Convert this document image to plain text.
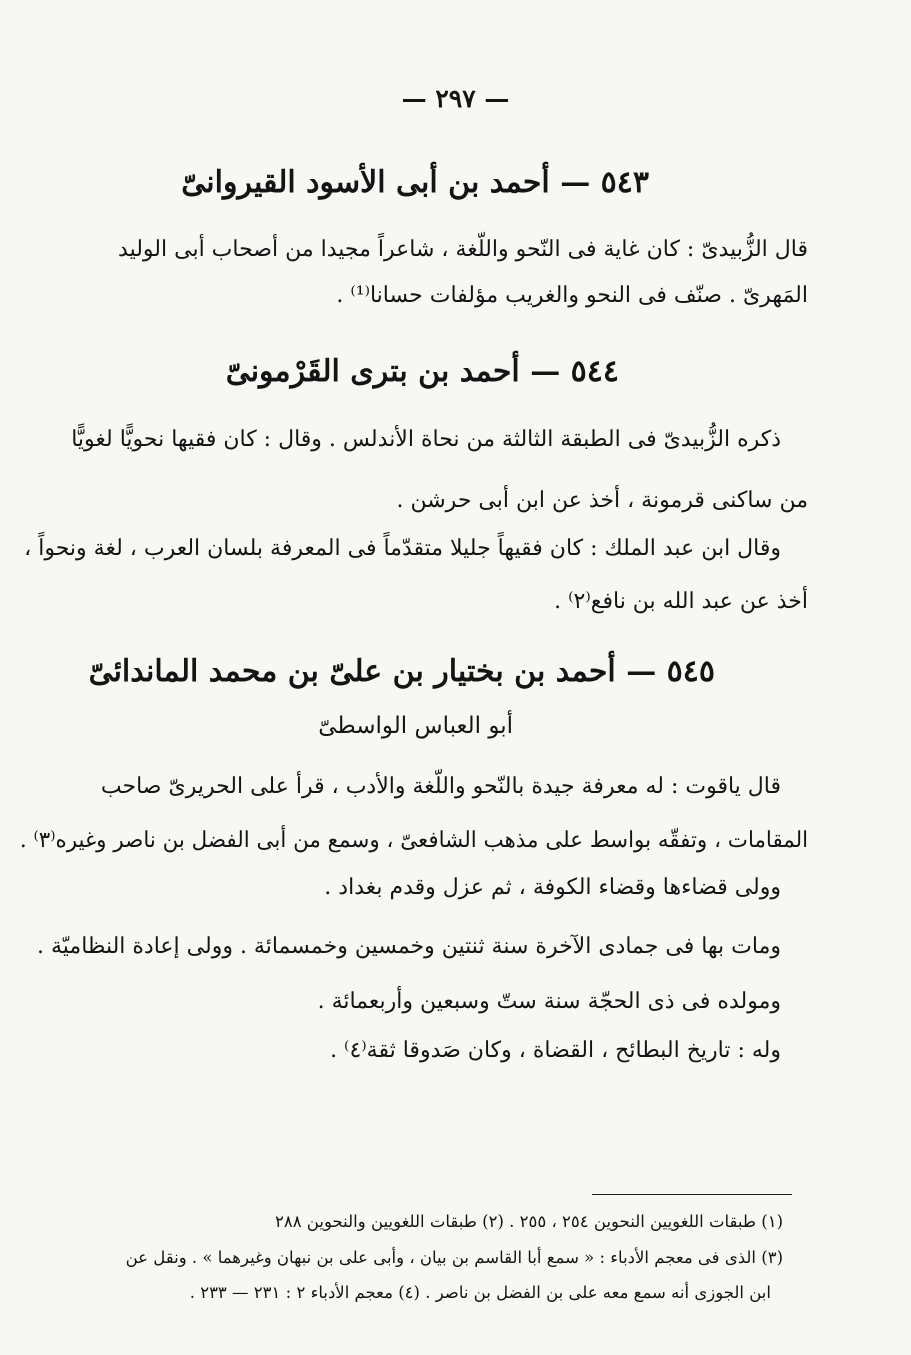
— ٢٩٧ —
٥٤٣ — أحمد بن أبى الأسود القيروانىّ
قال الزُّبيدىّ : كان غاية فى النّحو واللّغة ، شاعراً مجيدا من أصحاب أبى الوليد
المَهرىّ . صنّف فى النحو والغريب مؤلفات حسانا⁽¹⁾ .
٥٤٤ — أحمد بن بترى القَرْمونىّ
ذكره الزُّبيدىّ فى الطبقة الثالثة من نحاة الأندلس . وقال : كان فقيها نحويًّا لغويًّا
من ساكنى قرمونة ، أخذ عن ابن أبى حرشن .
وقال ابن عبد الملك : كان فقيهاً جليلا متقدّماً فى المعرفة بلسان العرب ، لغة ونحواً ،
أخذ عن عبد الله بن نافع⁽٢⁾ .
٥٤٥ — أحمد بن بختيار بن علىّ بن محمد الماندائىّ
أبو العباس الواسطىّ
قال ياقوت : له معرفة جيدة بالنّحو واللّغة والأدب ، قرأ على الحريرىّ صاحب
المقامات ، وتفقّه بواسط على مذهب الشافعىّ ، وسمع من أبى الفضل بن ناصر وغيره⁽٣⁾ .
وولى قضاءها وقضاء الكوفة ، ثم عزل وقدم بغداد .
ومات بها فى جمادى الآخرة سنة ثنتين وخمسين وخمسمائة . وولى إعادة النظاميّة .
ومولده فى ذى الحجّة سنة ستّ وسبعين وأربعمائة .
وله : تاريخ البطائح ، القضاة ، وكان صَدوقا ثقة⁽٤⁾ .
(١) طبقات اللغويين النحوين ٢٥٤ ، ٢٥٥ . (٢) طبقات اللغويين والنحوين ٢٨٨
(٣) الذى فى معجم الأدباء : « سمع أبا القاسم بن بيان ، وأبى على بن نبهان وغيرهما » . ونقل عن
ابن الجوزى أنه سمع معه على بن الفضل بن ناصر . (٤) معجم الأدباء ٢ : ٢٣١ — ٢٣٣ .
